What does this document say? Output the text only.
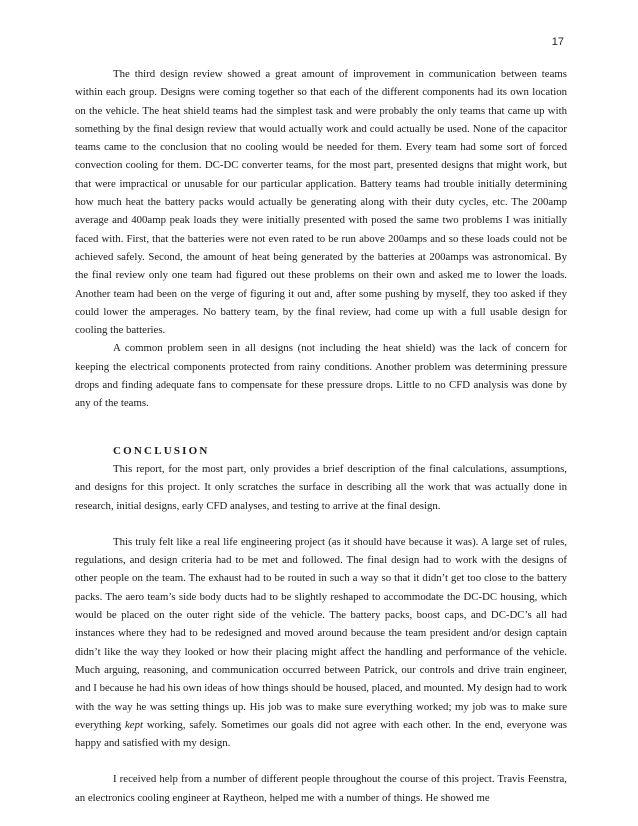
17

The third design review showed a great amount of improvement in communication between teams within each group. Designs were coming together so that each of the different components had its own location on the vehicle. The heat shield teams had the simplest task and were probably the only teams that came up with something by the final design review that would actually work and could actually be used. None of the capacitor teams came to the conclusion that no cooling would be needed for them. Every team had some sort of forced convection cooling for them. DC-DC converter teams, for the most part, presented designs that might work, but that were impractical or unusable for our particular application. Battery teams had trouble initially determining how much heat the battery packs would actually be generating along with their duty cycles, etc. The 200amp average and 400amp peak loads they were initially presented with posed the same two problems I was initially faced with. First, that the batteries were not even rated to be run above 200amps and so these loads could not be achieved safely. Second, the amount of heat being generated by the batteries at 200amps was astronomical. By the final review only one team had figured out these problems on their own and asked me to lower the loads. Another team had been on the verge of figuring it out and, after some pushing by myself, they too asked if they could lower the amperages. No battery team, by the final review, had come up with a full usable design for cooling the batteries.

A common problem seen in all designs (not including the heat shield) was the lack of concern for keeping the electrical components protected from rainy conditions. Another problem was determining pressure drops and finding adequate fans to compensate for these pressure drops. Little to no CFD analysis was done by any of the teams.

CONCLUSION

This report, for the most part, only provides a brief description of the final calculations, assumptions, and designs for this project. It only scratches the surface in describing all the work that was actually done in research, initial designs, early CFD analyses, and testing to arrive at the final design.

This truly felt like a real life engineering project (as it should have because it was). A large set of rules, regulations, and design criteria had to be met and followed. The final design had to work with the designs of other people on the team. The exhaust had to be routed in such a way so that it didn’t get too close to the battery packs. The aero team’s side body ducts had to be slightly reshaped to accommodate the DC-DC housing, which would be placed on the outer right side of the vehicle. The battery packs, boost caps, and DC-DC’s all had instances where they had to be redesigned and moved around because the team president and/or design captain didn’t like the way they looked or how their placing might affect the handling and performance of the vehicle. Much arguing, reasoning, and communication occurred between Patrick, our controls and drive train engineer, and I because he had his own ideas of how things should be housed, placed, and mounted. My design had to work with the way he was setting things up. His job was to make sure everything worked; my job was to make sure everything kept working, safely. Sometimes our goals did not agree with each other. In the end, everyone was happy and satisfied with my design.

I received help from a number of different people throughout the course of this project. Travis Feenstra, an electronics cooling engineer at Raytheon, helped me with a number of things. He showed me
